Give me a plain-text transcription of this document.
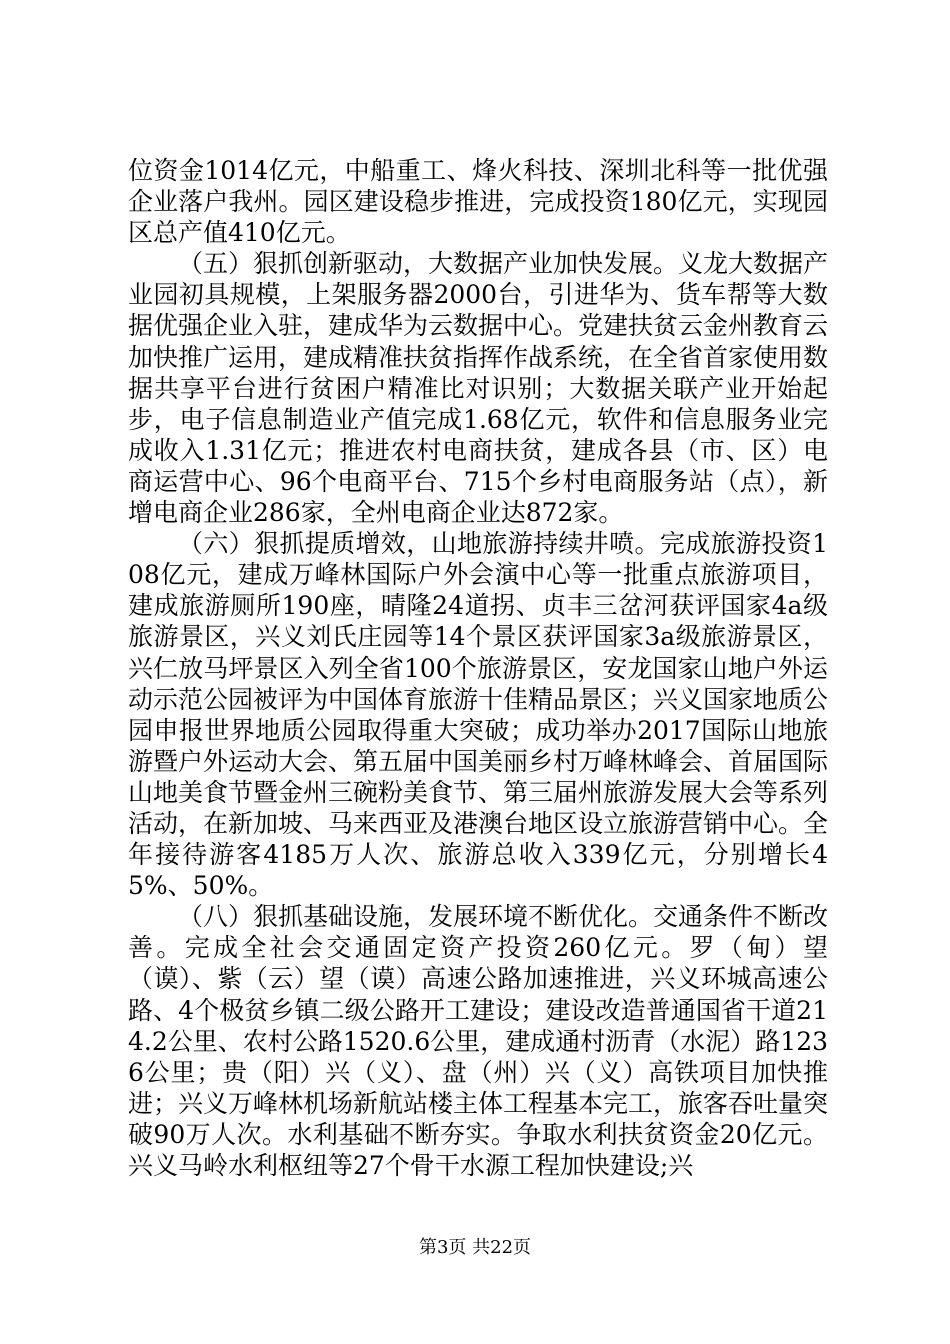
位资金1014亿元，中船重工、烽火科技、深圳北科等一批优强企业落户我州。园区建设稳步推进，完成投资180亿元，实现园区总产值410亿元。

（五）狠抓创新驱动，大数据产业加快发展。义龙大数据产业园初具规模，上架服务器2000台，引进华为、货车帮等大数据优强企业入驻，建成华为云数据中心。党建扶贫云金州教育云加快推广运用，建成精准扶贫指挥作战系统，在全省首家使用数据共享平台进行贫困户精准比对识别；大数据关联产业开始起步，电子信息制造业产值完成1.68亿元，软件和信息服务业完成收入1.31亿元；推进农村电商扶贫，建成各县（市、区）电商运营中心、96个电商平台、715个乡村电商服务站（点），新增电商企业286家，全州电商企业达872家。

（六）狠抓提质增效，山地旅游持续井喷。完成旅游投资108亿元，建成万峰林国际户外会演中心等一批重点旅游项目，建成旅游厕所190座，晴隆24道拐、贞丰三岔河获评国家4a级旅游景区，兴义刘氏庄园等14个景区获评国家3a级旅游景区，兴仁放马坪景区入列全省100个旅游景区，安龙国家山地户外运动示范公园被评为中国体育旅游十佳精品景区；兴义国家地质公园申报世界地质公园取得重大突破；成功举办2017国际山地旅游暨户外运动大会、第五届中国美丽乡村万峰林峰会、首届国际山地美食节暨金州三碗粉美食节、第三届州旅游发展大会等系列活动，在新加坡、马来西亚及港澳台地区设立旅游营销中心。全年接待游客4185万人次、旅游总收入339亿元，分别增长45%、50%。

（八）狠抓基础设施，发展环境不断优化。交通条件不断改善。完成全社会交通固定资产投资260亿元。罗（甸）望（谟）、紫（云）望（谟）高速公路加速推进，兴义环城高速公路、4个极贫乡镇二级公路开工建设；建设改造普通国省干道214.2公里、农村公路1520.6公里，建成通村沥青（水泥）路1236公里；贵（阳）兴（义）、盘（州）兴（义）高铁项目加快推进；兴义万峰林机场新航站楼主体工程基本完工，旅客吞吐量突破90万人次。水利基础不断夯实。争取水利扶贫资金20亿元。兴义马岭水利枢纽等27个骨干水源工程加快建设;兴

第3页 共22页
